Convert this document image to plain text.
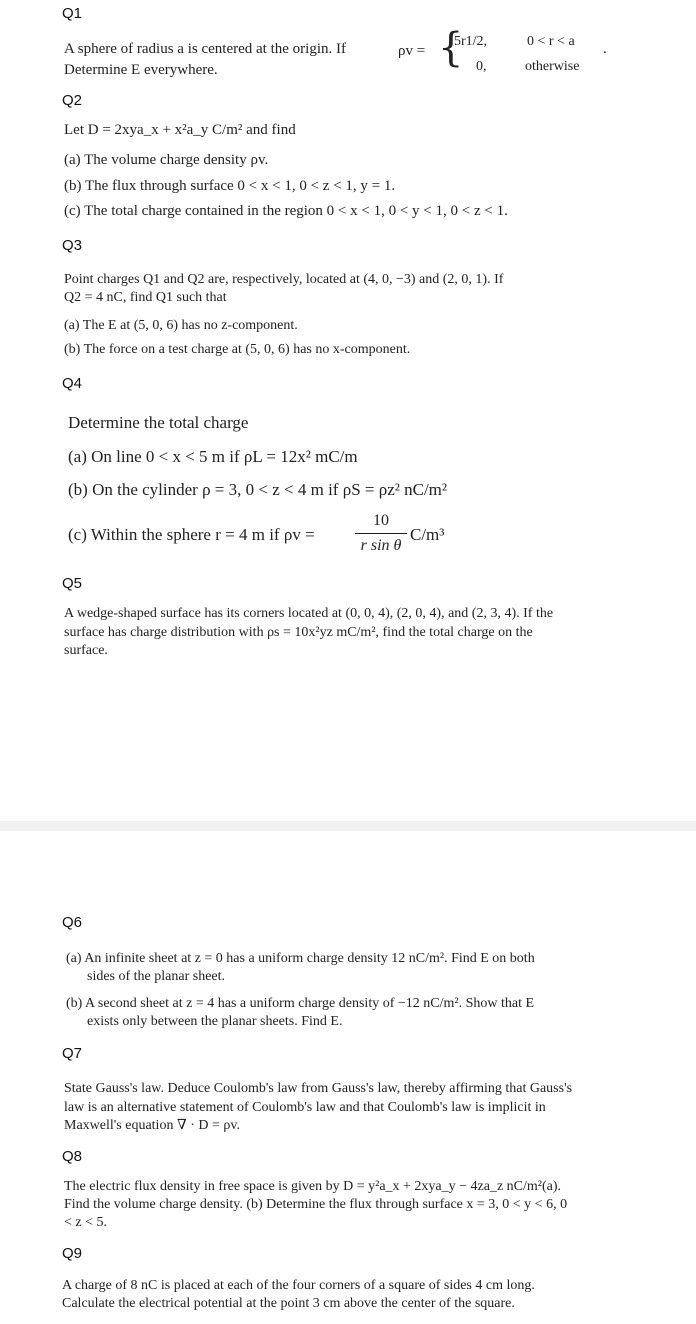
Q1
A sphere of radius a is centered at the origin. If	ρv =
Determine E everywhere.	{
5r1/2,	0 < r < a
0,	otherwise
.
Q2
Let D = 2xya_x + x²a_y C/m² and find
(a) The volume charge density ρv.
(b) The flux through surface 0 < x < 1, 0 < z < 1, y = 1.
(c) The total charge contained in the region 0 < x < 1, 0 < y < 1, 0 < z < 1.
Q3
Point charges Q1 and Q2 are, respectively, located at (4, 0, −3) and (2, 0, 1). If
Q2 = 4 nC, find Q1 such that
(a) The E at (5, 0, 6) has no z-component.
(b) The force on a test charge at (5, 0, 6) has no x-component.
Q4
Determine the total charge
(a) On line 0 < x < 5 m if ρL = 12x² mC/m
(b) On the cylinder ρ = 3, 0 < z < 4 m if ρS = ρz² nC/m²
(c) Within the sphere r = 4 m if ρv =
10
r sin θ
C/m³
Q5
A wedge-shaped surface has its corners located at (0, 0, 4), (2, 0, 4), and (2, 3, 4). If the
surface has charge distribution with ρs = 10x²yz mC/m², find the total charge on the
surface.
Q6
(a) An infinite sheet at z = 0 has a uniform charge density 12 nC/m². Find E on both
sides of the planar sheet.
(b) A second sheet at z = 4 has a uniform charge density of −12 nC/m². Show that E
exists only between the planar sheets. Find E.
Q7
State Gauss's law. Deduce Coulomb's law from Gauss's law, thereby affirming that Gauss's
law is an alternative statement of Coulomb's law and that Coulomb's law is implicit in
Maxwell's equation ∇ · D = ρv.
Q8
The electric flux density in free space is given by D = y²a_x + 2xya_y − 4za_z nC/m²(a).
Find the volume charge density. (b) Determine the flux through surface x = 3, 0 < y < 6, 0
< z < 5.
Q9
A charge of 8 nC is placed at each of the four corners of a square of sides 4 cm long.
Calculate the electrical potential at the point 3 cm above the center of the square.
